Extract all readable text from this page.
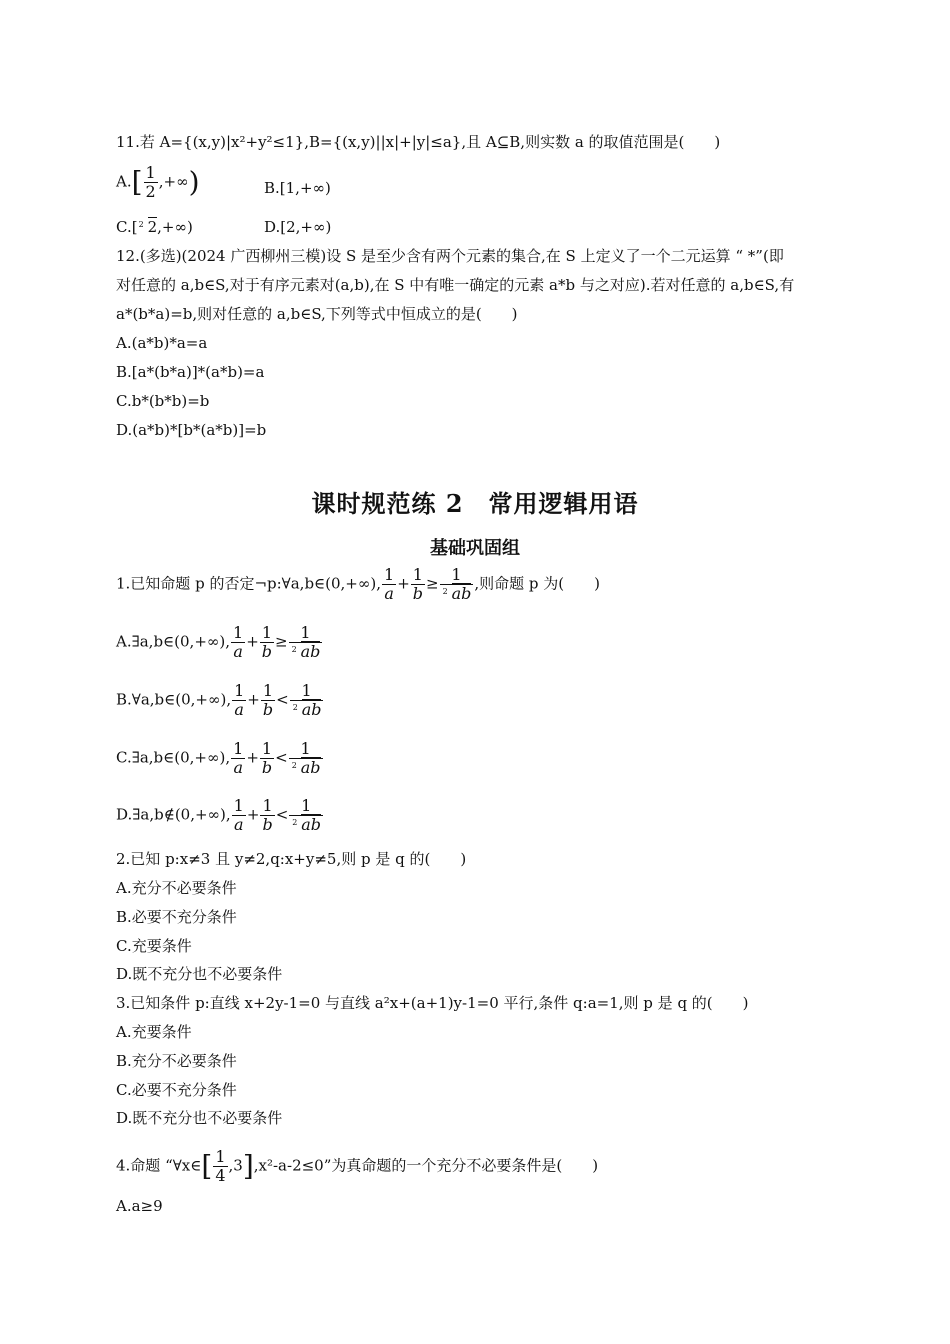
11.若 A={(x,y)|x²+y²≤1},B={(x,y)||x|+|y|≤a},且 A⊆B,则实数 a 的取值范围是(　　)
$A.[ \frac{1}{2}$ ,+∞)	B.[1,+∞)
C.[ 2 2,+∞)	D.[2,+∞)
12.(多选)(2024 广西柳州三模)设 S 是至少含有两个元素的集合,在 S 上定义了一个二元运算 “ *”(即
对任意的 a,b∈S,对于有序元素对(a,b),在 S 中有唯一确定的元素 a*b 与之对应).若对任意的 a,b∈S,有
a*(b*a)=b,则对任意的 a,b∈S,下列等式中恒成立的是(　　)
A.(a*b)*a=a
B.[a*(b*a)]*(a*b)=a
C.b*(b*b)=b
D.(a*b)*[b*(a*b)]=b
课时规范练 2　常用逻辑用语
基础巩固组
1.已知命题 p 的否定¬p:∀a,b∈(0,+∞), $\frac{1}{a} + \frac{1}{b} \ge \frac{1}{2 ab}$ ,则命题 p 为(　　)
A.∃a,b∈(0,+∞), $\frac{1}{a} + \frac{1}{b} \ge \frac{1}{2 ab}$
B.∀a,b∈(0,+∞), $\frac{1}{a} + \frac{1}{b} < \frac{1}{2 ab}$
C.∃a,b∈(0,+∞), $\frac{1}{a} + \frac{1}{b} < \frac{1}{2 ab}$
D.∃a,b∉(0,+∞), $\frac{1}{a} + \frac{1}{b} < \frac{1}{2 ab}$
2.已知 p:x≠3 且 y≠2,q:x+y≠5,则 p 是 q 的(　　)
A.充分不必要条件
B.必要不充分条件
C.充要条件
D.既不充分也不必要条件
3.已知条件 p:直线 x+2y-1=0 与直线 a²x+(a+1)y-1=0 平行,条件 q:a=1,则 p 是 q 的(　　)
A.充要条件
B.充分不必要条件
C.必要不充分条件
D.既不充分也不必要条件
4.命题 “∀x∈[ $\frac{1}{4} ,3],x^2-a-2\le 0$”为真命题的一个充分不必要条件是(　　)
A.a≥9
